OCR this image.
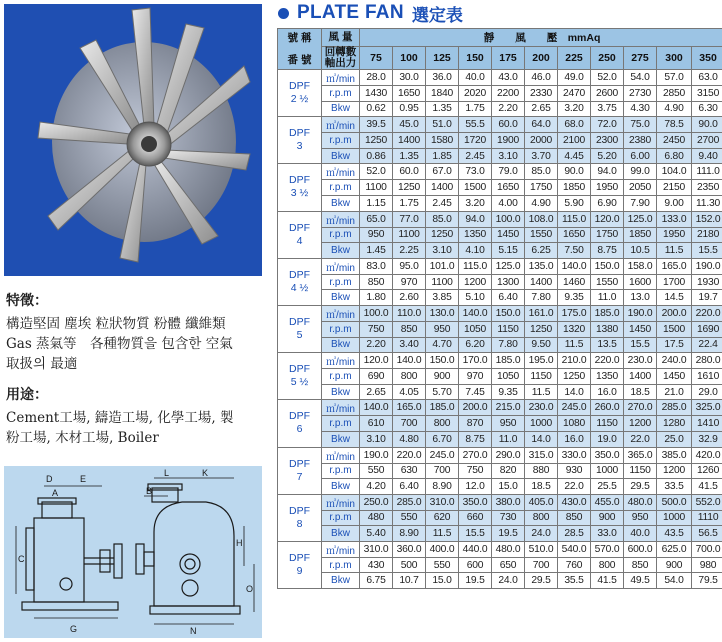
特徵：

構造堅固 塵埃 粒狀物質 粉體 纖維類

Gas 蒸氣等　各種物質을 包含한 空氣

取扱의 最適

用途：

Cement工場, 鑄造工場, 化學工場, 製

粉工場, 木材工場, Boiler

D	E
A
C
G
L	K
B
H
O
N
PLATE FAN 選定表
號 稱

番 號	風 量	靜　　風　　壓　mmAq										
	回轉數
軸出力	75	100	125	150	175	200	225	250	275	300	350

DPF
2 ½	㎥/min	28.0	30.0	36.0	40.0	43.0	46.0	49.0	52.0	54.0	57.0	63.0
	r.p.m	1430	1650	1840	2020	2200	2330	2470	2600	2730	2850	3150
	Bkw	0.62	0.95	1.35	1.75	2.20	2.65	3.20	3.75	4.30	4.90	6.30

DPF
3	㎥/min	39.5	45.0	51.0	55.5	60.0	64.0	68.0	72.0	75.0	78.5	90.0
	r.p.m	1250	1400	1580	1720	1900	2000	2100	2300	2380	2450	2700
	Bkw	0.86	1.35	1.85	2.45	3.10	3.70	4.45	5.20	6.00	6.80	9.40

DPF
3 ½	㎥/min	52.0	60.0	67.0	73.0	79.0	85.0	90.0	94.0	99.0	104.0	111.0
	r.p.m	1100	1250	1400	1500	1650	1750	1850	1950	2050	2150	2350
	Bkw	1.15	1.75	2.45	3.20	4.00	4.90	5.90	6.90	7.90	9.00	11.30

DPF
4	㎥/min	65.0	77.0	85.0	94.0	100.0	108.0	115.0	120.0	125.0	133.0	152.0
	r.p.m	950	1100	1250	1350	1450	1550	1650	1750	1850	1950	2180
	Bkw	1.45	2.25	3.10	4.10	5.15	6.25	7.50	8.75	10.5	11.5	15.5

DPF
4 ½	㎥/min	83.0	95.0	101.0	115.0	125.0	135.0	140.0	150.0	158.0	165.0	190.0
	r.p.m	850	970	1100	1200	1300	1400	1460	1550	1600	1700	1930
	Bkw	1.80	2.60	3.85	5.10	6.40	7.80	9.35	11.0	13.0	14.5	19.7

DPF
5	㎥/min	100.0	110.0	130.0	140.0	150.0	161.0	175.0	185.0	190.0	200.0	220.0
	r.p.m	750	850	950	1050	1150	1250	1320	1380	1450	1500	1690
	Bkw	2.20	3.40	4.70	6.20	7.80	9.50	11.5	13.5	15.5	17.5	22.4

DPF
5 ½	㎥/min	120.0	140.0	150.0	170.0	185.0	195.0	210.0	220.0	230.0	240.0	280.0
	r.p.m	690	800	900	970	1050	1150	1250	1350	1400	1450	1610
	Bkw	2.65	4.05	5.70	7.45	9.35	11.5	14.0	16.0	18.5	21.0	29.0

DPF
6	㎥/min	140.0	165.0	185.0	200.0	215.0	230.0	245.0	260.0	270.0	285.0	325.0
	r.p.m	610	700	800	870	950	1000	1080	1150	1200	1280	1410
	Bkw	3.10	4.80	6.70	8.75	11.0	14.0	16.0	19.0	22.0	25.0	32.9

DPF
7	㎥/min	190.0	220.0	245.0	270.0	290.0	315.0	330.0	350.0	365.0	385.0	420.0
	r.p.m	550	630	700	750	820	880	930	1000	1150	1200	1260
	Bkw	4.20	6.40	8.90	12.0	15.0	18.5	22.0	25.5	29.5	33.5	41.5

DPF
8	㎥/min	250.0	285.0	310.0	350.0	380.0	405.0	430.0	455.0	480.0	500.0	552.0
	r.p.m	480	550	620	660	730	800	850	900	950	1000	1110
	Bkw	5.40	8.90	11.5	15.5	19.5	24.0	28.5	33.0	40.0	43.5	56.5

DPF
9	㎥/min	310.0	360.0	400.0	440.0	480.0	510.0	540.0	570.0	600.0	625.0	700.0
	r.p.m	430	500	550	600	650	700	760	800	850	900	980
	Bkw	6.75	10.7	15.0	19.5	24.0	29.5	35.5	41.5	49.5	54.0	79.5
